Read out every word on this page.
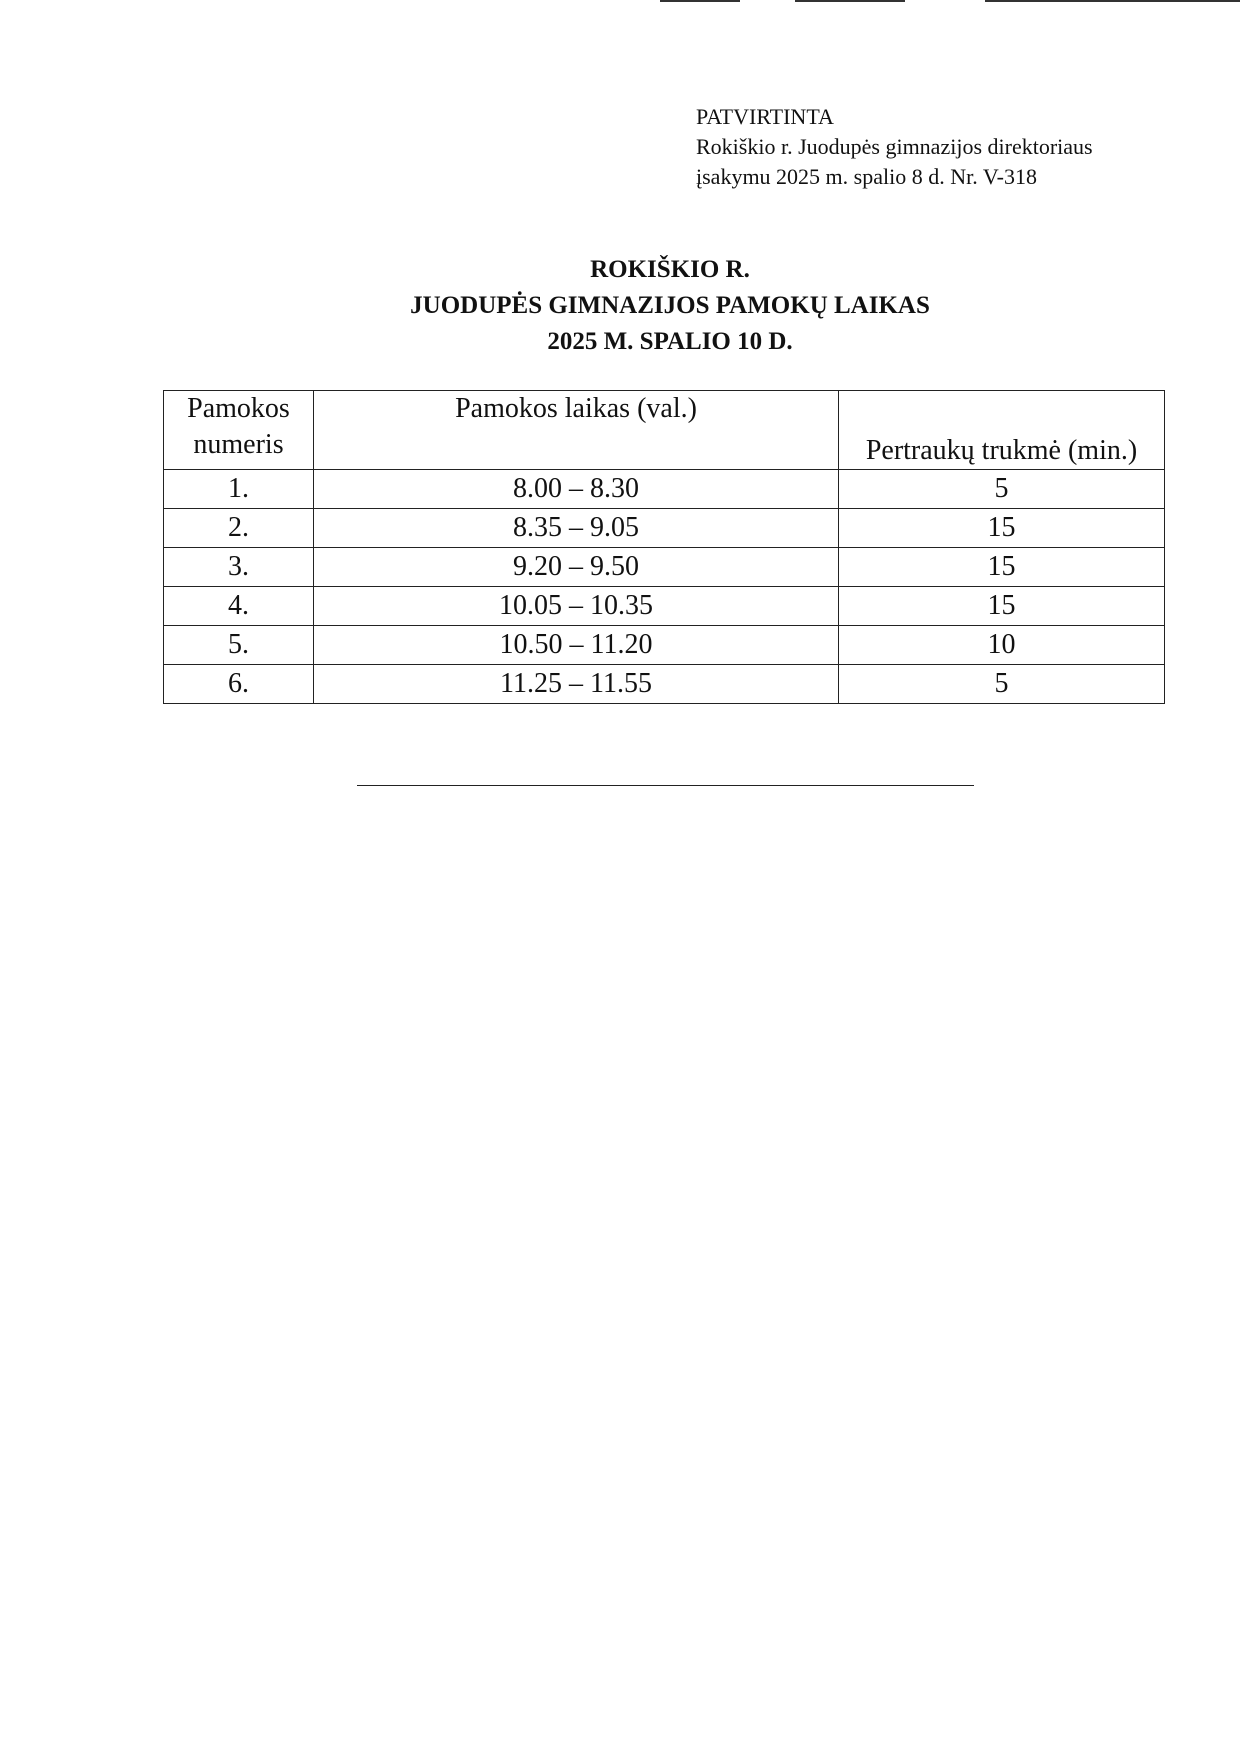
PATVIRTINTA
Rokiškio r. Juodupės gimnazijos direktoriaus
įsakymu 2025 m. spalio 8 d. Nr. V-318
ROKIŠKIO R.
JUODUPĖS GIMNAZIJOS PAMOKŲ LAIKAS
2025 M. SPALIO 10 D.
Pamokos numeris	Pamokos laikas (val.)	Pertraukų trukmė (min.)
1.	8.00 – 8.30	5
2.	8.35 – 9.05	15
3.	9.20 – 9.50	15
4.	10.05 – 10.35	15
5.	10.50 – 11.20	10
6.	11.25 – 11.55	5
